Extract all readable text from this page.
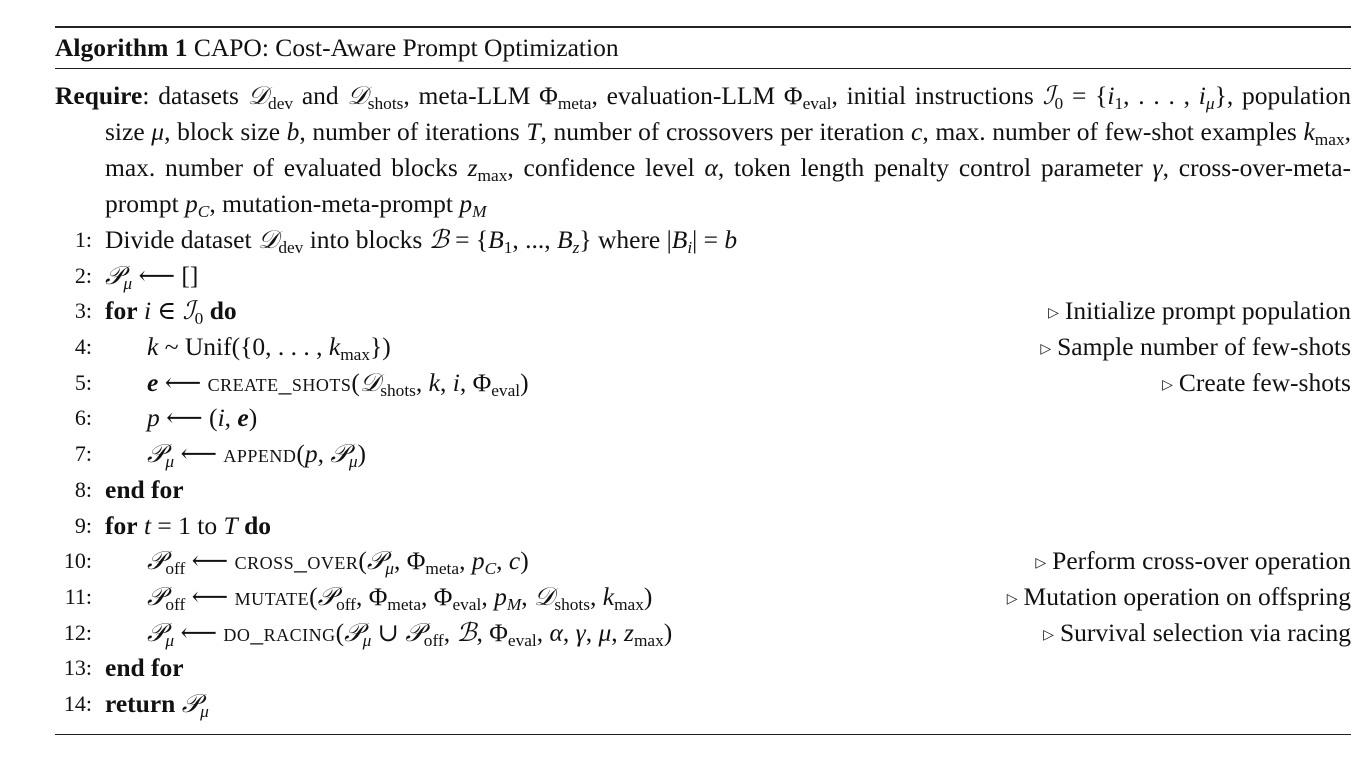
Algorithm 1 CAPO: Cost-Aware Prompt Optimization
Require: datasets 𝒟$_{dev}$ and 𝒟$_{shots}$, meta-LLM $\Phi_{meta}$, evaluation-LLM $\Phi_{eval}$, initial instructions ℐ$_0$ = {$i_1$, . . . , $i_\mu$}, population size μ, block size b, number of iterations T, number of crossovers per iteration c, max. number of few-shot examples $k_{max}$, max. number of evaluated blocks $z_{max}$, confidence level α, token length penalty control parameter γ, cross-over-meta-prompt $p_C$, mutation-meta-prompt $p_M$
1: Divide dataset 𝒟$_{dev}$ into blocks ℬ = {$B_1$, ..., $B_z$} where $|B_i| = b$
2: 𝒫$_\mu$ ⟵ []
3: for i ∈ ℐ$_0$ do	▷ Initialize prompt population
4: k ~ Unif({0, . . . , $k_{max}$})	▷ Sample number of few-shots
5: e ⟵ create_shots(𝒟$_{shots}$, k, i, $\Phi_{eval}$)	▷ Create few-shots
6: p ⟵ (i, e)
7: 𝒫$_\mu$ ⟵ append(p, 𝒫$_\mu$)
8: end for
9: for t = 1 to T do
10: 𝒫$_{off}$ ⟵ cross_over(𝒫$_\mu$, $\Phi_{meta}$, $p_C$, c)	▷ Perform cross-over operation
11: 𝒫$_{off}$ ⟵ mutate(𝒫$_{off}$, $\Phi_{meta}$, $\Phi_{eval}$, $p_M$, 𝒟$_{shots}$, $k_{max}$)	▷ Mutation operation on offspring
12: 𝒫$_\mu$ ⟵ do_racing(𝒫$_\mu$ ∪ 𝒫$_{off}$, ℬ, $\Phi_{eval}$, α, γ, μ, $z_{max}$)	▷ Survival selection via racing
13: end for
14: return 𝒫$_\mu$
